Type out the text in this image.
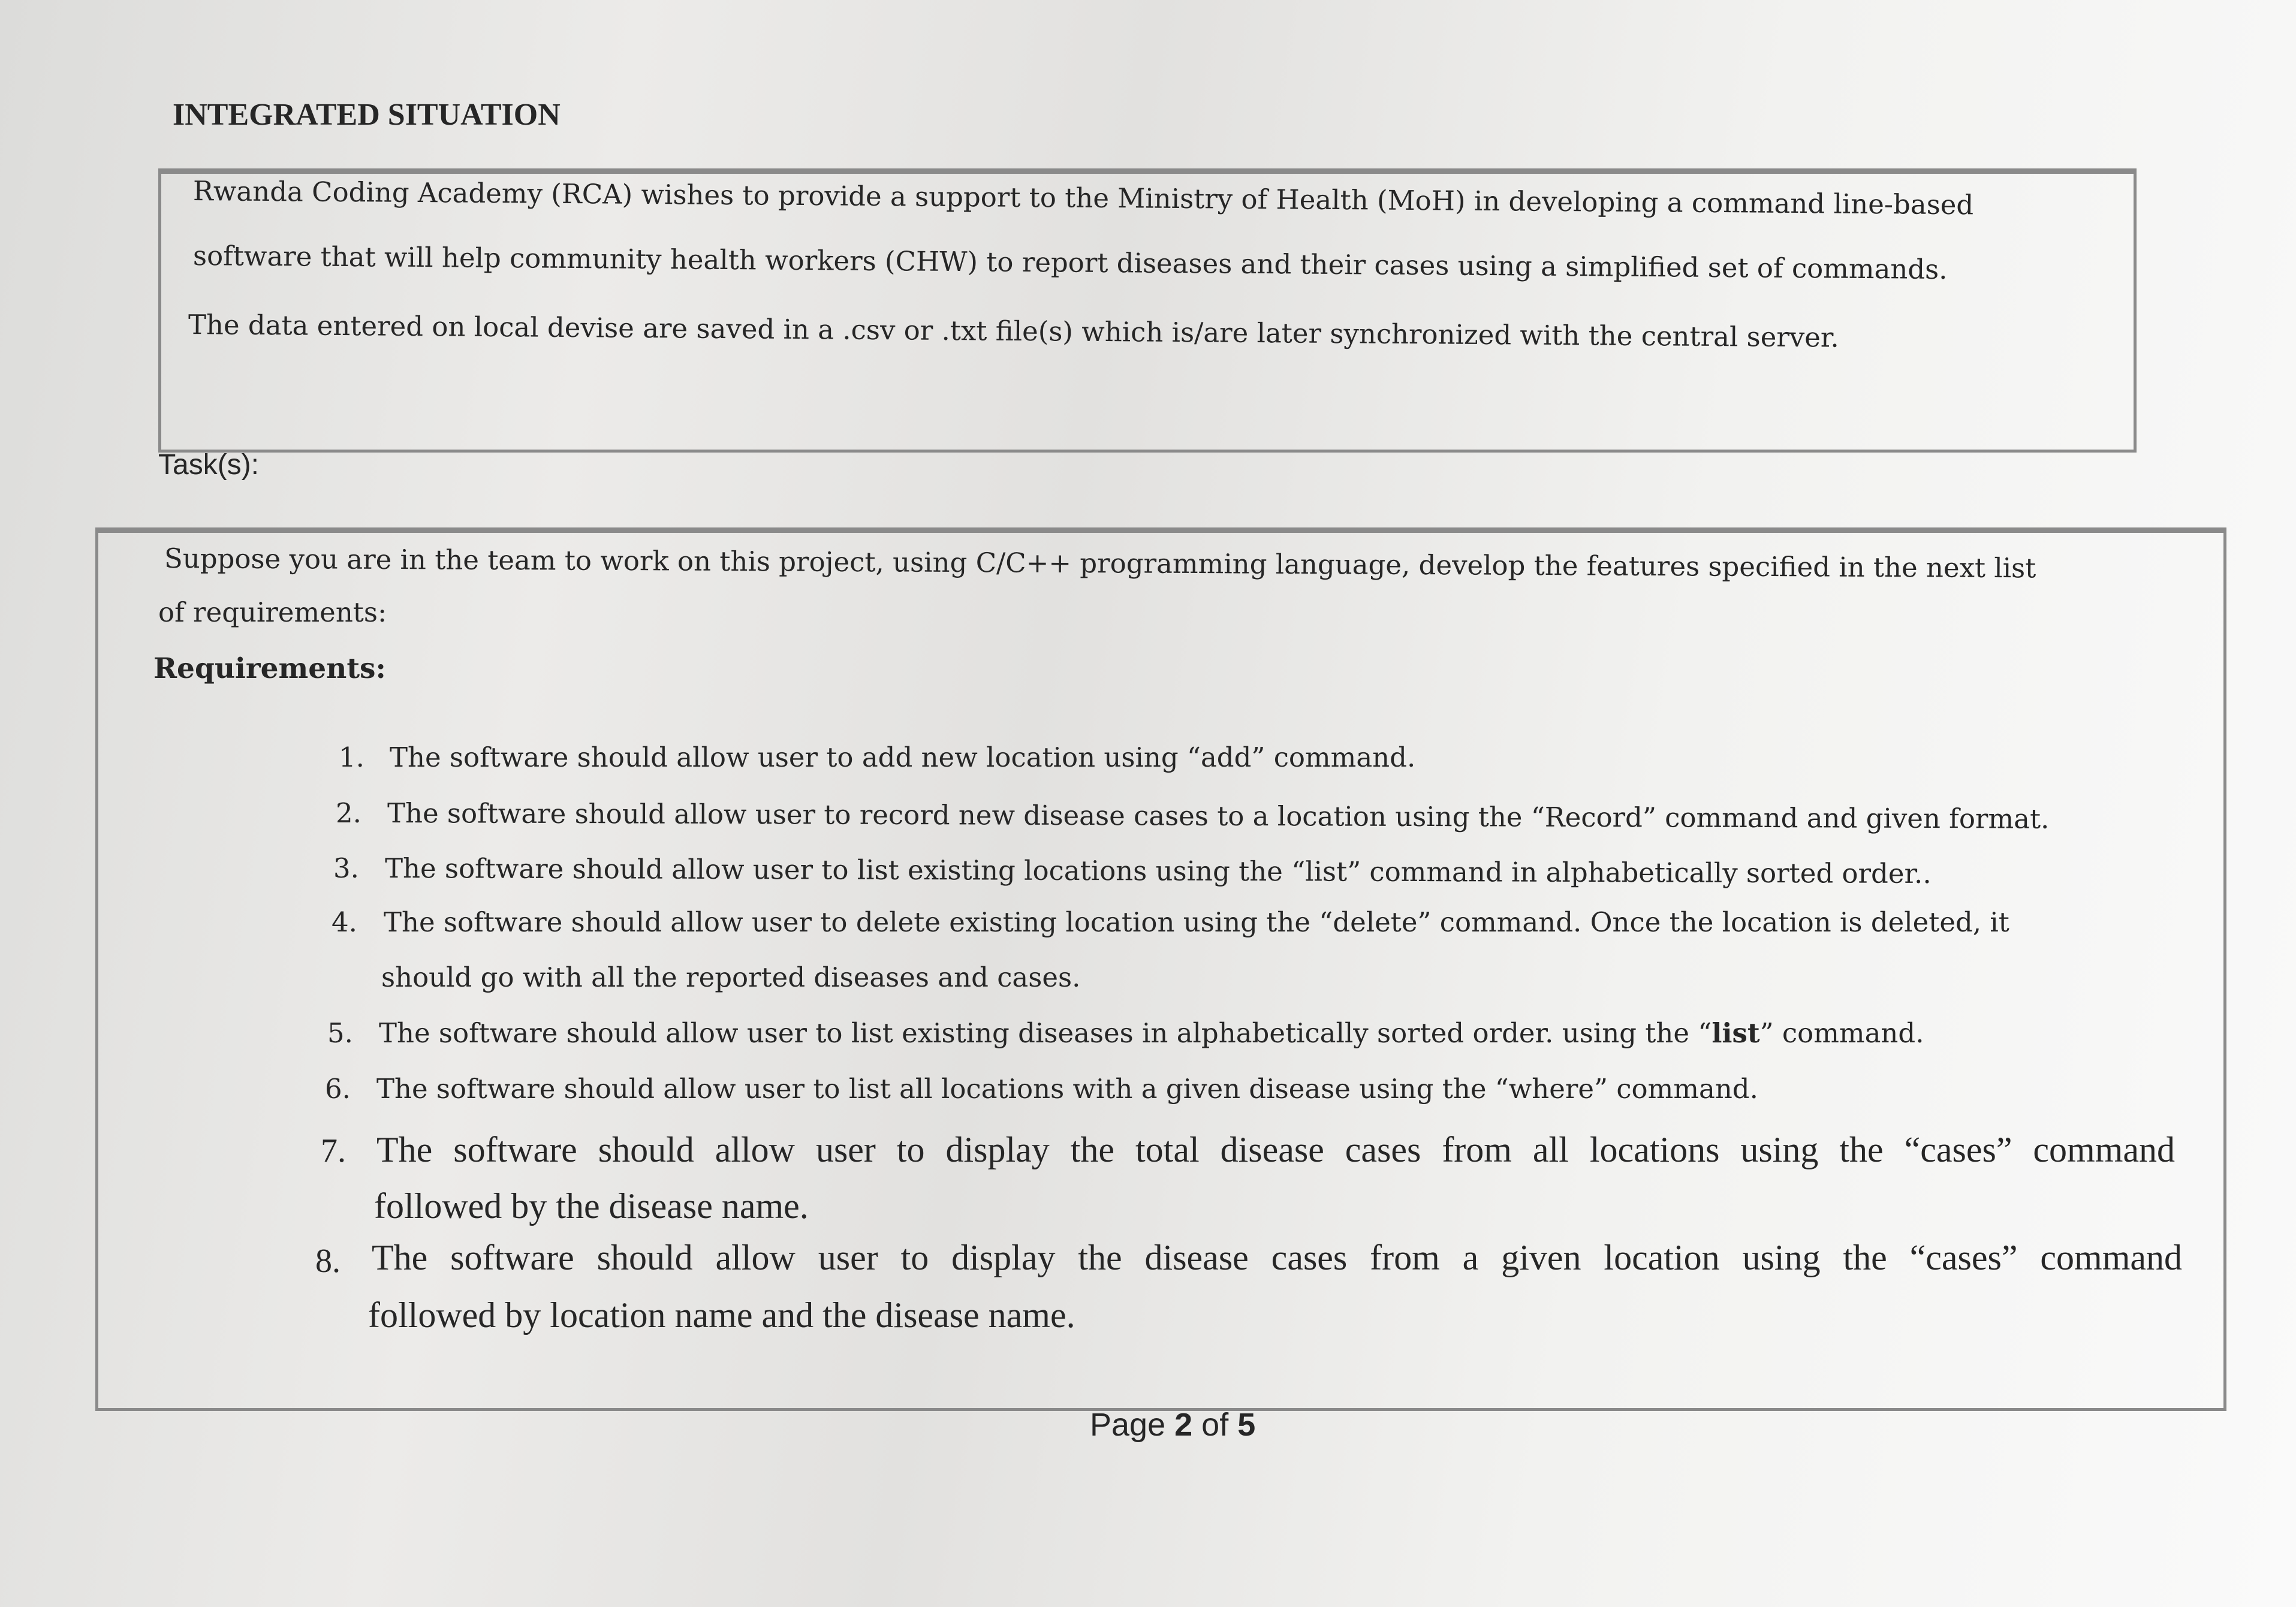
INTEGRATED SITUATION
Rwanda Coding Academy (RCA) wishes to provide a support to the Ministry of Health (MoH) in developing a command line-based
software that will help community health workers (CHW) to report diseases and their cases using a simplified set of commands.
The data entered on local devise are saved in a .csv or .txt file(s) which is/are later synchronized with the central server.
Task(s):
Suppose you are in the team to work on this project, using C/C++ programming language, develop the features specified in the next list
of requirements:
Requirements:
1. The software should allow user to add new location using “add” command.
2. The software should allow user to record new disease cases to a location using the “Record” command and given format.
3. The software should allow user to list existing locations using the “list” command in alphabetically sorted order..
4. The software should allow user to delete existing location using the “delete” command. Once the location is deleted, it
should go with all the reported diseases and cases.
5. The software should allow user to list existing diseases in alphabetically sorted order. using the “list” command.
6. The software should allow user to list all locations with a given disease using the “where” command.
7. The software should allow user to display the total disease cases from all locations using the “cases” command
followed by the disease name.
8. The software should allow user to display the disease cases from a given location using the “cases” command
followed by location name and the disease name.
Page 2 of 5
